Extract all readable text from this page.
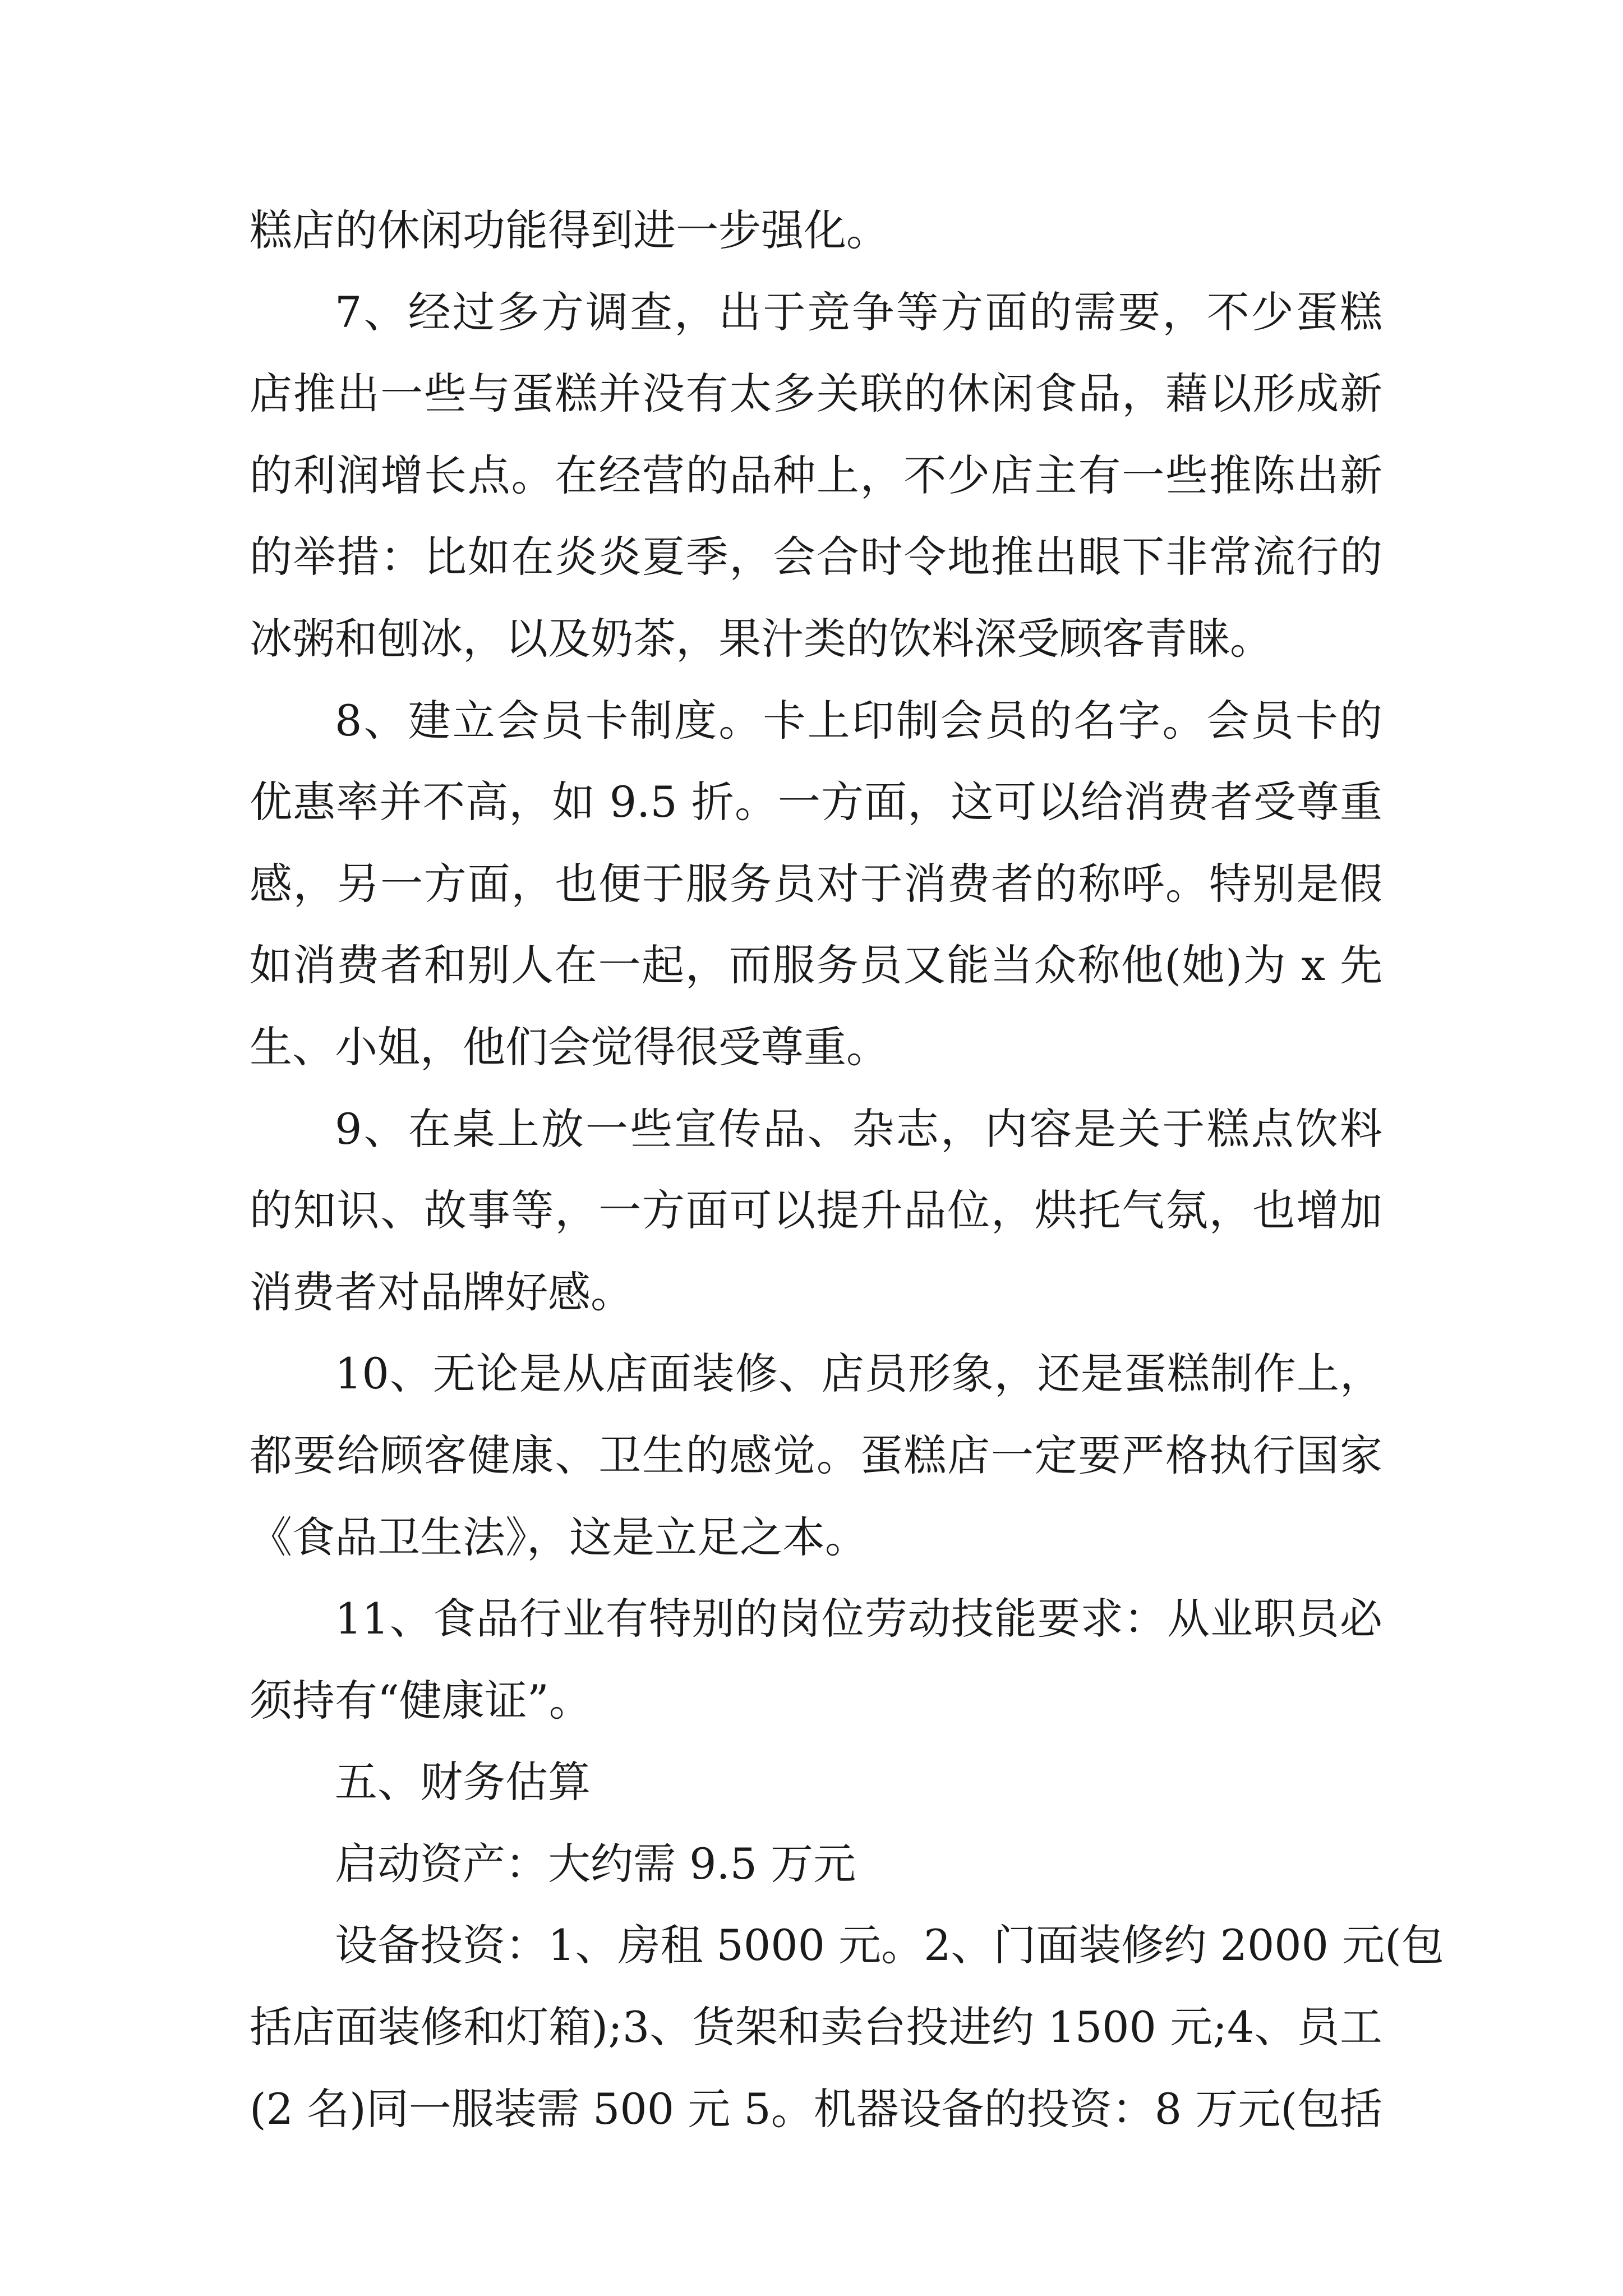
糕店的休闲功能得到进一步强化。
7、经过多方调查，出于竞争等方面的需要，不少蛋糕
店推出一些与蛋糕并没有太多关联的休闲食品，藉以形成新
的利润增长点。在经营的品种上，不少店主有一些推陈出新
的举措：比如在炎炎夏季，会合时令地推出眼下非常流行的
冰粥和刨冰，以及奶茶，果汁类的饮料深受顾客青睐。
8、建立会员卡制度。卡上印制会员的名字。会员卡的
优惠率并不高，如 9.5 折。一方面，这可以给消费者受尊重
感，另一方面，也便于服务员对于消费者的称呼。特别是假
如消费者和别人在一起，而服务员又能当众称他(她)为 x 先
生、小姐，他们会觉得很受尊重。
9、在桌上放一些宣传品、杂志，内容是关于糕点饮料
的知识、故事等，一方面可以提升品位，烘托气氛，也增加
消费者对品牌好感。
10、无论是从店面装修、店员形象，还是蛋糕制作上，
都要给顾客健康、卫生的感觉。蛋糕店一定要严格执行国家
《食品卫生法》，这是立足之本。
11、食品行业有特别的岗位劳动技能要求：从业职员必
须持有“健康证”。
五、财务估算
启动资产：大约需 9.5 万元
设备投资：1、房租 5000 元。2、门面装修约 2000 元(包
括店面装修和灯箱);3、货架和卖台投进约 1500 元;4、员工
(2 名)同一服装需 500 元 5。机器设备的投资：8 万元(包括
